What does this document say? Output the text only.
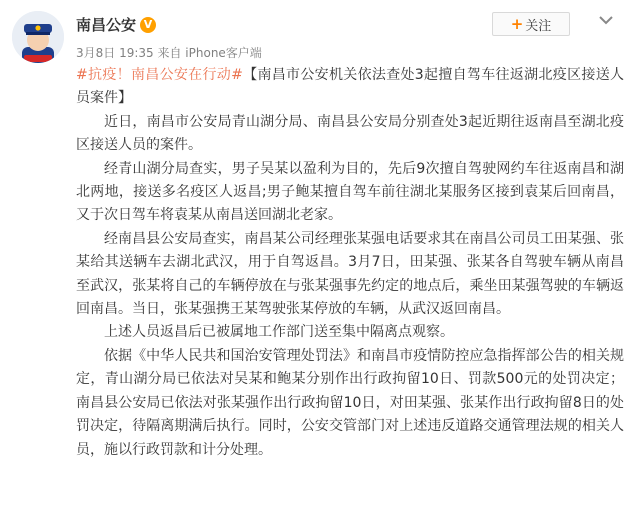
南昌公安 V
3月8日 19:35 来自 iPhone客户端
+ 关注

#抗疫！南昌公安在行动#【南昌市公安机关依法查处3起擅自驾车往返湖北疫区接送人员案件】

近日，南昌市公安局青山湖分局、南昌县公安局分别查处3起近期往返南昌至湖北疫区接送人员的案件。

经青山湖分局查实，男子吴某以盈利为目的，先后9次擅自驾驶网约车往返南昌和湖北两地，接送多名疫区人返昌;男子鲍某擅自驾车前往湖北某服务区接到袁某后回南昌，又于次日驾车将袁某从南昌送回湖北老家。

经南昌县公安局查实，南昌某公司经理张某强电话要求其在南昌公司员工田某强、张某给其送辆车去湖北武汉，用于自驾返昌。3月7日，田某强、张某各自驾驶车辆从南昌至武汉，张某将自己的车辆停放在与张某强事先约定的地点后，乘坐田某强驾驶的车辆返回南昌。当日，张某强携王某驾驶张某停放的车辆，从武汉返回南昌。

上述人员返昌后已被属地工作部门送至集中隔离点观察。

依据《中华人民共和国治安管理处罚法》和南昌市疫情防控应急指挥部公告的相关规定，青山湖分局已依法对吴某和鲍某分别作出行政拘留10日、罚款500元的处罚决定；南昌县公安局已依法对张某强作出行政拘留10日，对田某强、张某作出行政拘留8日的处罚决定，待隔离期满后执行。同时，公安交管部门对上述违反道路交通管理法规的相关人员，施以行政罚款和计分处理。
